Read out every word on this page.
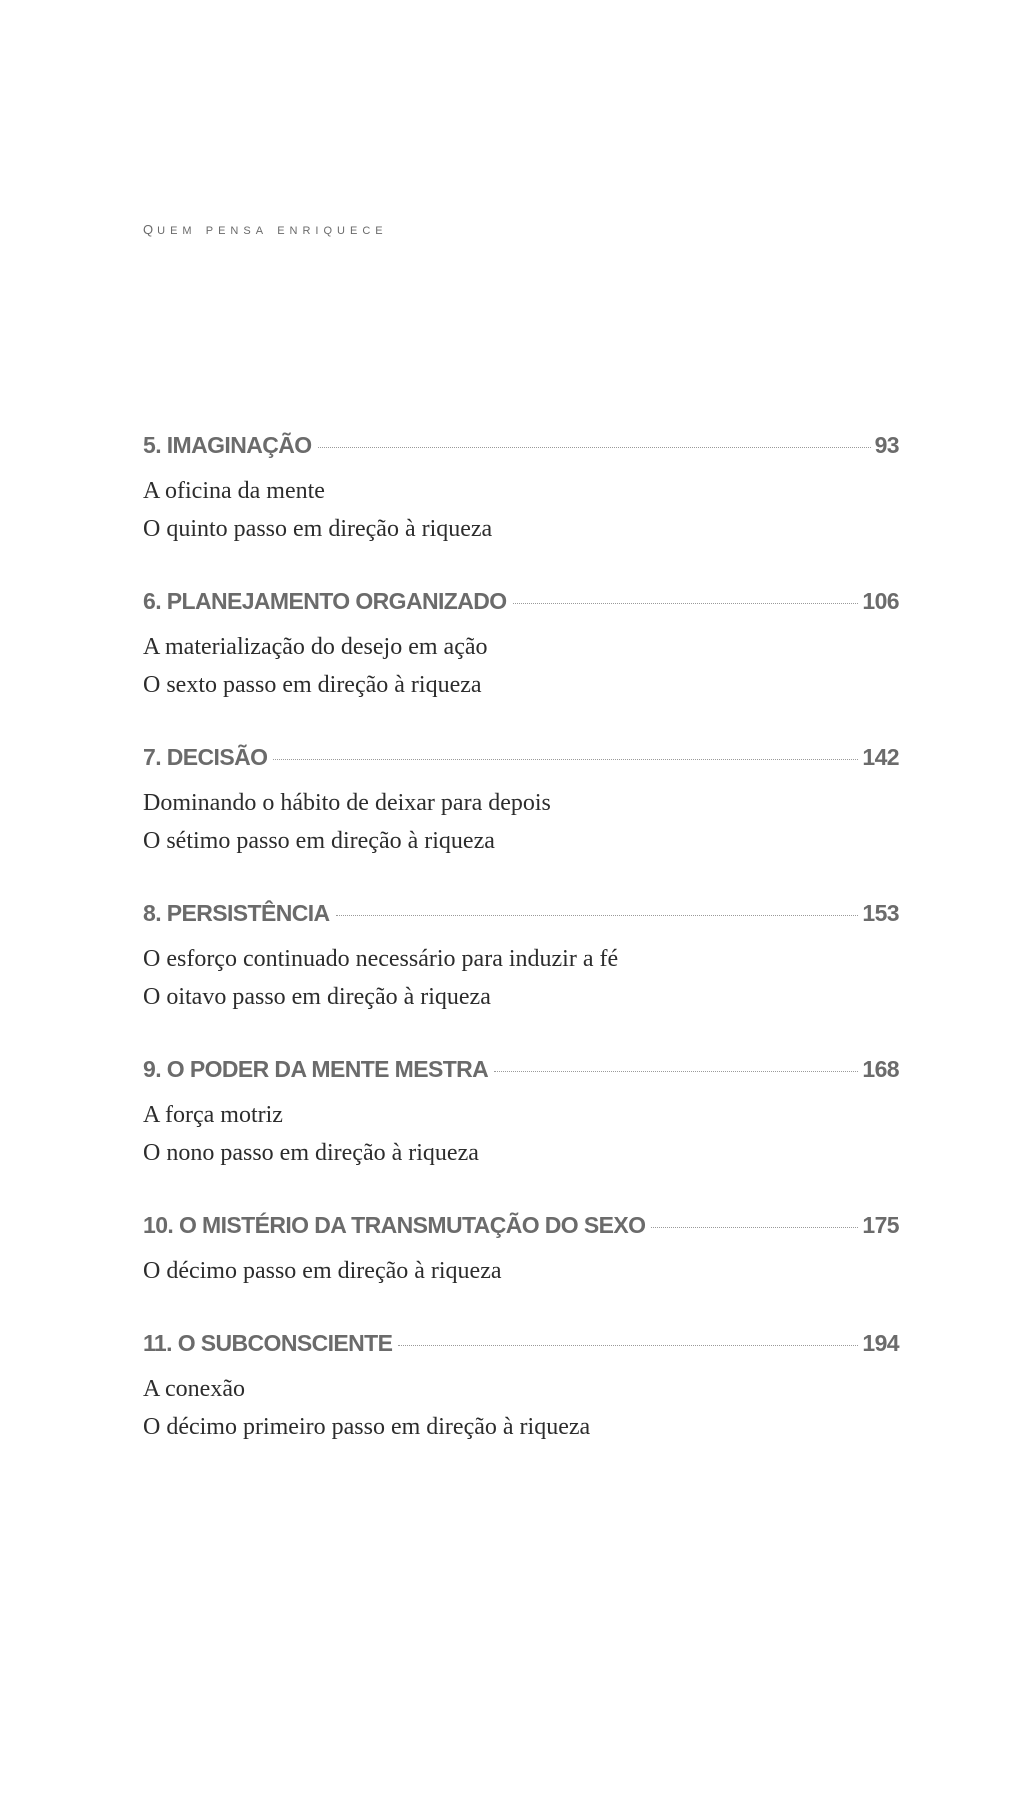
quem pensa enriquece
5. IMAGINAÇÃO	93
A oficina da mente
O quinto passo em direção à riqueza
6. PLANEJAMENTO ORGANIZADO	106
A materialização do desejo em ação
O sexto passo em direção à riqueza
7. DECISÃO	142
Dominando o hábito de deixar para depois
O sétimo passo em direção à riqueza
8. PERSISTÊNCIA	153
O esforço continuado necessário para induzir a fé
O oitavo passo em direção à riqueza
9. O PODER DA MENTE MESTRA	168
A força motriz
O nono passo em direção à riqueza
10. O MISTÉRIO DA TRANSMUTAÇÃO DO SEXO	175
O décimo passo em direção à riqueza
11. O SUBCONSCIENTE	194
A conexão
O décimo primeiro passo em direção à riqueza
